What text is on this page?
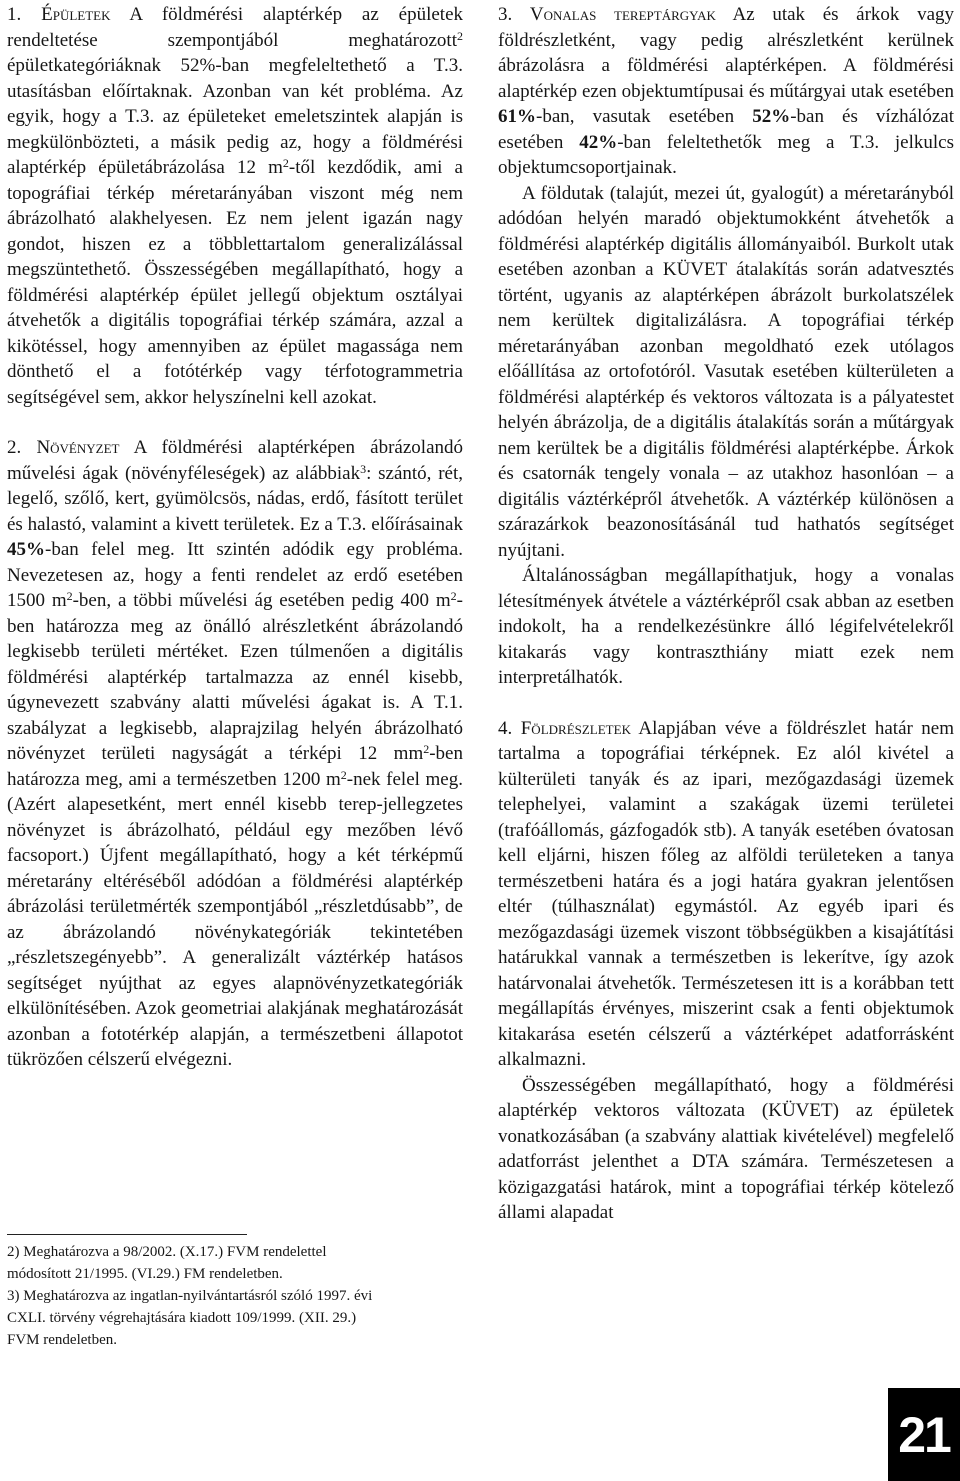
1. Épületek A földmérési alaptérkép az épületek rendeltetése szempontjából meghatározott$^2$ épületkategóriáknak 52%-ban megfeleltethető a T.3. utasításban előírtaknak. Azonban van két probléma. Az egyik, hogy a T.3. az épületeket emeletszintek alapján is megkülönbözteti, a másik pedig az, hogy a földmérési alaptérkép épületábrázolása 12 $m^2$-től kezdődik, ami a topográfiai térkép méretarányában viszont még nem ábrázolható alakhelyesen. Ez nem jelent igazán nagy gondot, hiszen ez a többlettartalom generalizálással megszüntethető. Összességében megállapítható, hogy a földmérési alaptérkép épület jellegű objektum osztályai átvehetők a digitális topográfiai térkép számára, azzal a kikötéssel, hogy amennyiben az épület magassága nem dönthető el a fotótérkép vagy térfotogrammetria segítségével sem, akkor helyszínelni kell azokat.

2. Növényzet A földmérési alaptérképen ábrázolandó művelési ágak (növényféleségek) az alábbiak$^3$: szántó, rét, legelő, szőlő, kert, gyümölcsös, nádas, erdő, fásított terület és halastó, valamint a kivett területek. Ez a T.3. előírásainak 45%-ban felel meg. Itt szintén adódik egy probléma. Nevezetesen az, hogy a fenti rendelet az erdő esetében 1500 $m^2$-ben, a többi művelési ág esetében pedig 400 $m^2$-ben határozza meg az önálló alrészletként ábrázolandó legkisebb területi mértéket. Ezen túlmenően a digitális földmérési alaptérkép tartalmazza az ennél kisebb, úgynevezett szabvány alatti művelési ágakat is. A T.1. szabályzat a legkisebb, alaprajzilag helyén ábrázolható növényzet területi nagyságát a térképi 12 $mm^2$-ben határozza meg, ami a természetben 1200 $m^2$-nek felel meg. (Azért alapesetként, mert ennél kisebb terep-jellegzetes növényzet is ábrázolható, például egy mezőben lévő facsoport.) Újfent megállapítható, hogy a két térképmű méretarány eltéréséből adódóan a földmérési alaptérkép ábrázolási területmérték szempontjából „részletdúsabb”, de az ábrázolandó növénykategóriák tekintetében „részletszegényebb”. A generalizált váztérkép hatásos segítséget nyújthat az egyes alapnövényzetkategóriák elkülönítésében. Azok geometriai alakjának meghatározását azonban a fototérkép alapján, a természetbeni állapotot tükrözően célszerű elvégezni.

2) Meghatározva a 98/2002. (X.17.) FVM rendelettel

módosított 21/1995. (VI.29.) FM rendeletben.

3) Meghatározva az ingatlan-nyilvántartásról szóló 1997. évi

CXLI. törvény végrehajtására kiadott 109/1999. (XII. 29.)

FVM rendeletben.

3. Vonalas tereptárgyak Az utak és árkok vagy földrészletként, vagy pedig alrészletként kerülnek ábrázolásra a földmérési alaptérképen. A földmérési alaptérkép ezen objektumtípusai és műtárgyai utak esetében 61%-ban, vasutak esetében 52%-ban és vízhálózat esetében 42%-ban feleltethetők meg a T.3. jelkulcs objektumcsoportjainak.

A földutak (talajút, mezei út, gyalogút) a méretarányból adódóan helyén maradó objektumokként átvehetők a földmérési alaptérkép digitális állományaiból. Burkolt utak esetében azonban a KÜVET átalakítás során adatvesztés történt, ugyanis az alaptérképen ábrázolt burkolatszélek nem kerültek digitalizálásra. A topográfiai térkép méretarányában azonban megoldható ezek utólagos előállítása az ortofotóról. Vasutak esetében külterületen a földmérési alaptérkép és vektoros változata is a pályatestet helyén ábrázolja, de a digitális átalakítás során a műtárgyak nem kerültek be a digitális földmérési alaptérképbe. Árkok és csatornák tengely vonala – az utakhoz hasonlóan – a digitális váztérképről átvehetők. A váztérkép különösen a szárazárkok beazonosításánál tud hathatós segítséget nyújtani.

Általánosságban megállapíthatjuk, hogy a vonalas létesítmények átvétele a váztérképről csak abban az esetben indokolt, ha a rendelkezésünkre álló légifelvételekről kitakarás vagy kontraszthiány miatt ezek nem interpretálhatók.

4. Földrészletek Alapjában véve a földrészlet határ nem tartalma a topográfiai térképnek. Ez alól kivétel a külterületi tanyák és az ipari, mezőgazdasági üzemek telephelyei, valamint a szakágak üzemi területei (trafóállomás, gázfogadók stb). A tanyák esetében óvatosan kell eljárni, hiszen főleg az alföldi területeken a tanya természetbeni határa és a jogi határa gyakran jelentősen eltér (túlhasználat) egymástól. Az egyéb ipari és mezőgazdasági üzemek viszont többségükben a kisajátítási határukkal vannak a természetben is lekerítve, így azok határvonalai átvehetők. Természetesen itt is a korábban tett megállapítás érvényes, miszerint csak a fenti objektumok kitakarása esetén célszerű a váztérképet adatforrásként alkalmazni.

Összességében megállapítható, hogy a földmérési alaptérkép vektoros változata (KÜVET) az épületek vonatkozásában (a szabvány alattiak kivételével) megfelelő adatforrást jelenthet a DTA számára. Természetesen a közigazgatási határok, mint a topográfiai térkép kötelező állami alapadat

21
